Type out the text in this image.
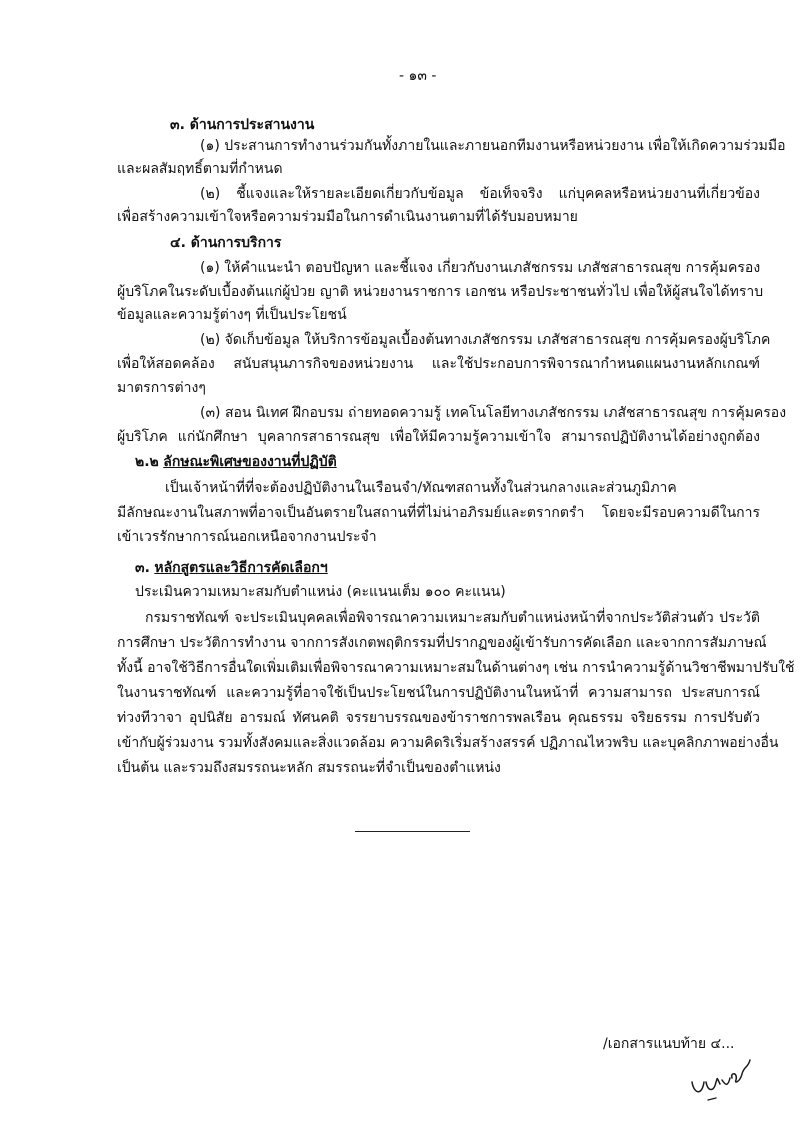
- ๑๓ -
๓. ด้านการประสานงาน
(๑) ประสานการทำงานร่วมกันทั้งภายในและภายนอกทีมงานหรือหน่วยงาน เพื่อให้เกิดความร่วมมือ
และผลสัมฤทธิ์ตามที่กำหนด
(๒) ชี้แจงและให้รายละเอียดเกี่ยวกับข้อมูล ข้อเท็จจริง แก่บุคคลหรือหน่วยงานที่เกี่ยวข้อง
เพื่อสร้างความเข้าใจหรือความร่วมมือในการดำเนินงานตามที่ได้รับมอบหมาย
๔. ด้านการบริการ
(๑) ให้คำแนะนำ ตอบปัญหา และชี้แจง เกี่ยวกับงานเภสัชกรรม เภสัชสาธารณสุข การคุ้มครอง
ผู้บริโภคในระดับเบื้องต้นแก่ผู้ป่วย ญาติ หน่วยงานราชการ เอกชน หรือประชาชนทั่วไป เพื่อให้ผู้สนใจได้ทราบ
ข้อมูลและความรู้ต่างๆ ที่เป็นประโยชน์
(๒) จัดเก็บข้อมูล ให้บริการข้อมูลเบื้องต้นทางเภสัชกรรม เภสัชสาธารณสุข การคุ้มครองผู้บริโภค
เพื่อให้สอดคล้อง สนับสนุนภารกิจของหน่วยงาน และใช้ประกอบการพิจารณากำหนดแผนงานหลักเกณฑ์
มาตรการต่างๆ
(๓) สอน นิเทศ ฝึกอบรม ถ่ายทอดความรู้ เทคโนโลยีทางเภสัชกรรม เภสัชสาธารณสุข การคุ้มครอง
ผู้บริโภค แก่นักศึกษา บุคลากรสาธารณสุข เพื่อให้มีความรู้ความเข้าใจ สามารถปฏิบัติงานได้อย่างถูกต้อง
๒.๒ ลักษณะพิเศษของงานที่ปฏิบัติ
เป็นเจ้าหน้าที่ที่จะต้องปฏิบัติงานในเรือนจำ/ทัณฑสถานทั้งในส่วนกลางและส่วนภูมิภาค
มีลักษณะงานในสภาพที่อาจเป็นอันตรายในสถานที่ที่ไม่น่าอภิรมย์และตรากตรำ โดยจะมีรอบความดีในการ
เข้าเวรรักษาการณ์นอกเหนือจากงานประจำ
๓. หลักสูตรและวิธีการคัดเลือกฯ
ประเมินความเหมาะสมกับตำแหน่ง (คะแนนเต็ม ๑๐๐ คะแนน)
กรมราชทัณฑ์ จะประเมินบุคคลเพื่อพิจารณาความเหมาะสมกับตำแหน่งหน้าที่จากประวัติส่วนตัว ประวัติ
การศึกษา ประวัติการทำงาน จากการสังเกตพฤติกรรมที่ปรากฏของผู้เข้ารับการคัดเลือก และจากการสัมภาษณ์
ทั้งนี้ อาจใช้วิธีการอื่นใดเพิ่มเติมเพื่อพิจารณาความเหมาะสมในด้านต่างๆ เช่น การนำความรู้ด้านวิชาชีพมาปรับใช้
ในงานราชทัณฑ์ และความรู้ที่อาจใช้เป็นประโยชน์ในการปฏิบัติงานในหน้าที่ ความสามารถ ประสบการณ์
ท่วงทีวาจา อุปนิสัย อารมณ์ ทัศนคติ จรรยาบรรณของข้าราชการพลเรือน คุณธรรม จริยธรรม การปรับตัว
เข้ากับผู้ร่วมงาน รวมทั้งสังคมและสิ่งแวดล้อม ความคิดริเริ่มสร้างสรรค์ ปฏิภาณไหวพริบ และบุคลิกภาพอย่างอื่น
เป็นต้น และรวมถึงสมรรถนะหลัก สมรรถนะที่จำเป็นของตำแหน่ง
/เอกสารแนบท้าย ๔...
